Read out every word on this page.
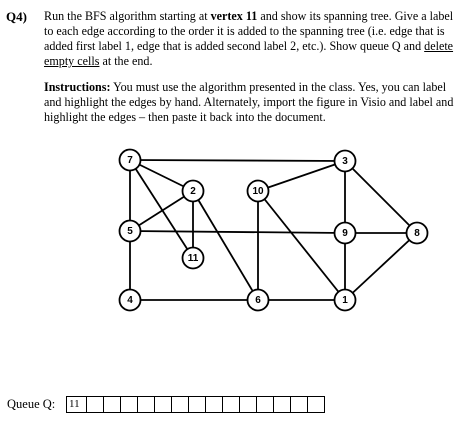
Q4)	Run the BFS algorithm starting at vertex 11 and show its spanning tree. Give a label to each edge according to the order it is added to the spanning tree (i.e. edge that is added first label 1, edge that is added second label 2, etc.). Show queue Q and delete empty cells at the end.
Instructions: You must use the algorithm presented in the class. Yes, you can label and highlight the edges by hand. Alternately, import the figure in Visio and label and highlight the edges – then paste it back into the document.
7	3
2	10
5	9	8
11
4	6	1
Queue Q: 11
